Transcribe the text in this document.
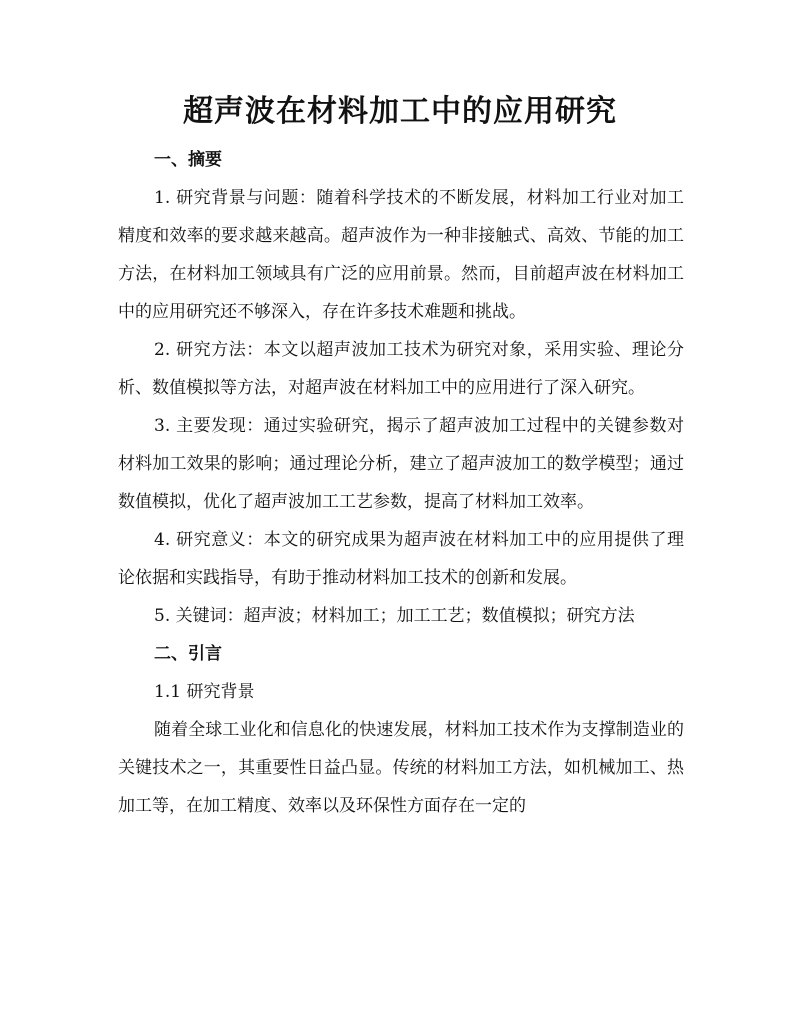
超声波在材料加工中的应用研究

一、摘要

1. 研究背景与问题：随着科学技术的不断发展，材料加工行业对加工精度和效率的要求越来越高。超声波作为一种非接触式、高效、节能的加工方法，在材料加工领域具有广泛的应用前景。然而，目前超声波在材料加工中的应用研究还不够深入，存在许多技术难题和挑战。

2. 研究方法：本文以超声波加工技术为研究对象，采用实验、理论分析、数值模拟等方法，对超声波在材料加工中的应用进行了深入研究。

3. 主要发现：通过实验研究，揭示了超声波加工过程中的关键参数对材料加工效果的影响；通过理论分析，建立了超声波加工的数学模型；通过数值模拟，优化了超声波加工工艺参数，提高了材料加工效率。

4. 研究意义：本文的研究成果为超声波在材料加工中的应用提供了理论依据和实践指导，有助于推动材料加工技术的创新和发展。

5. 关键词：超声波；材料加工；加工工艺；数值模拟；研究方法

二、引言

1.1 研究背景

随着全球工业化和信息化的快速发展，材料加工技术作为支撑制造业的关键技术之一，其重要性日益凸显。传统的材料加工方法，如机械加工、热加工等，在加工精度、效率以及环保性方面存在一定的
